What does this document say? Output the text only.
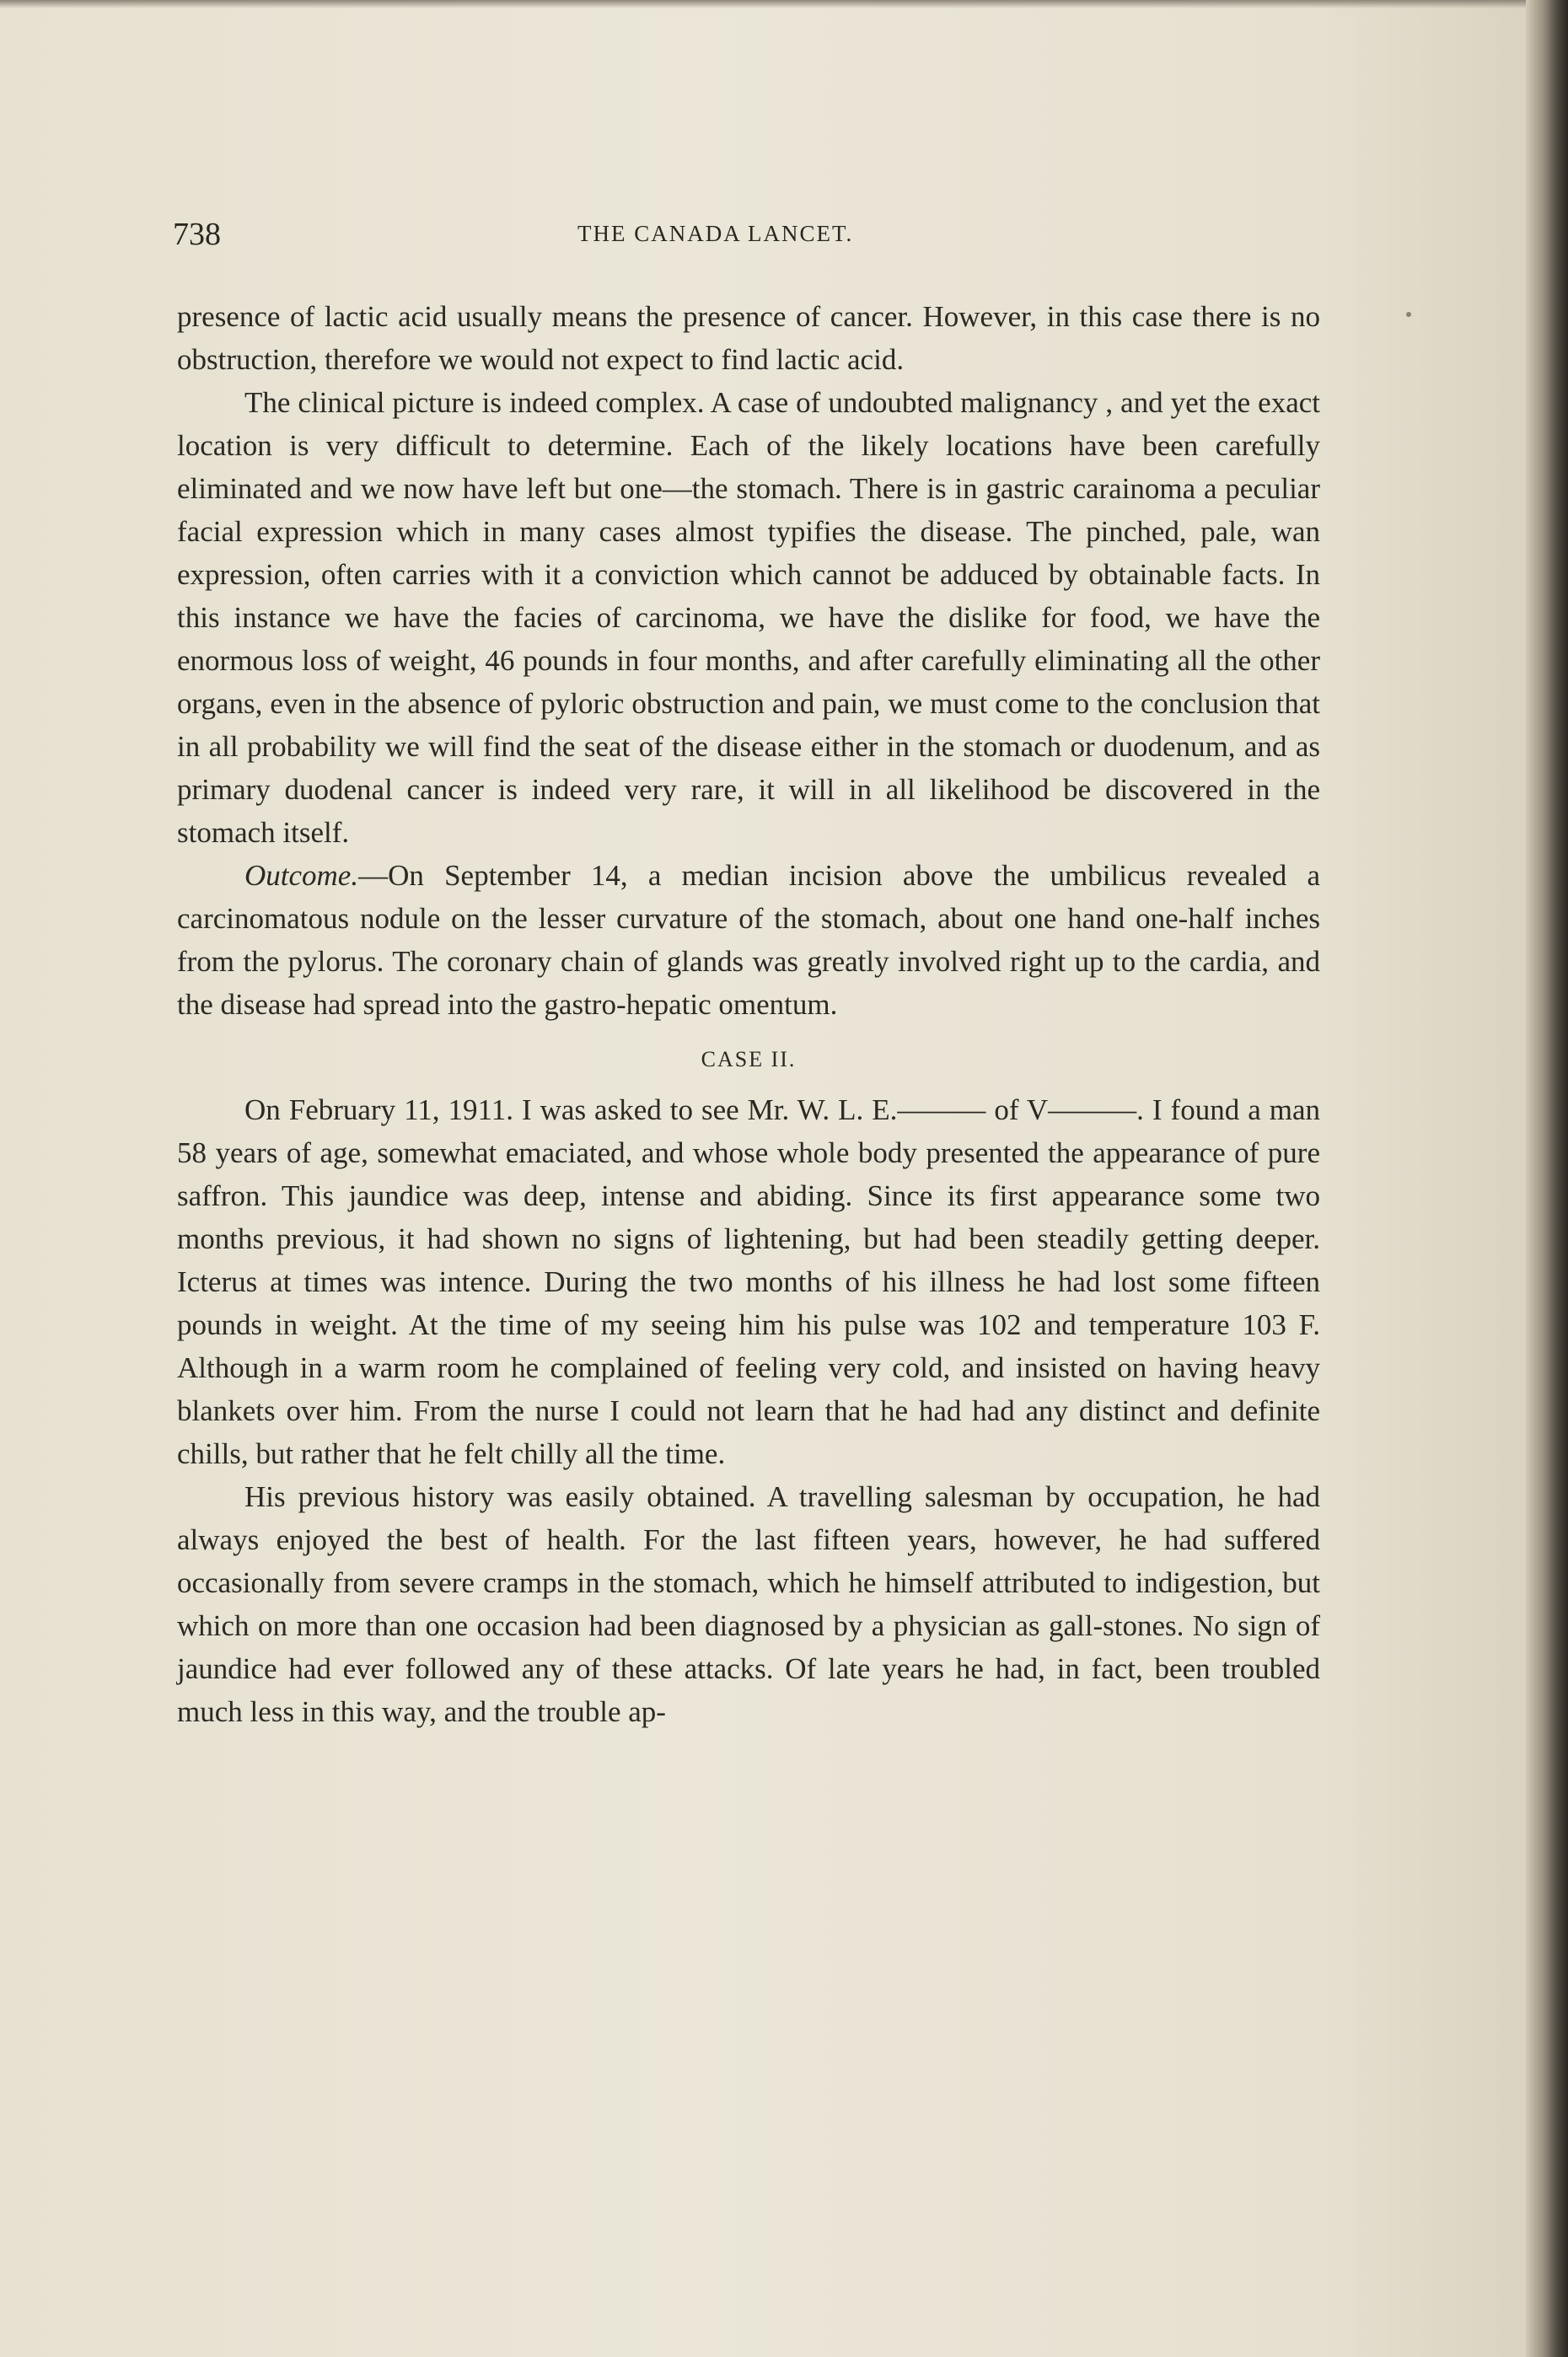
738	THE CANADA LANCET.

presence of lactic acid usually means the presence of cancer. However, in this case there is no obstruction, therefore we would not expect to find lactic acid.

The clinical picture is indeed complex. A case of undoubted malignancy , and yet the exact location is very difficult to determine. Each of the likely locations have been carefully eliminated and we now have left but one—the stomach. There is in gastric carainoma a peculiar facial expression which in many cases almost typifies the disease. The pinched, pale, wan expression, often carries with it a conviction which cannot be adduced by obtainable facts. In this instance we have the facies of carcinoma, we have the dislike for food, we have the enormous loss of weight, 46 pounds in four months, and after carefully eliminating all the other organs, even in the absence of pyloric obstruction and pain, we must come to the conclusion that in all probability we will find the seat of the disease either in the stomach or duodenum, and as primary duodenal cancer is indeed very rare, it will in all likelihood be discovered in the stomach itself.

Outcome.—On September 14, a median incision above the umbilicus revealed a carcinomatous nodule on the lesser curvature of the stomach, about one hand one-half inches from the pylorus. The coronary chain of glands was greatly involved right up to the cardia, and the disease had spread into the gastro-hepatic omentum.

CASE II.

On February 11, 1911. I was asked to see Mr. W. L. E.——— of V———. I found a man 58 years of age, somewhat emaciated, and whose whole body presented the appearance of pure saffron. This jaundice was deep, intense and abiding. Since its first appearance some two months previous, it had shown no signs of lightening, but had been steadily getting deeper. Icterus at times was intence. During the two months of his illness he had lost some fifteen pounds in weight. At the time of my seeing him his pulse was 102 and temperature 103 F. Although in a warm room he complained of feeling very cold, and insisted on having heavy blankets over him. From the nurse I could not learn that he had had any distinct and definite chills, but rather that he felt chilly all the time.

His previous history was easily obtained. A travelling salesman by occupation, he had always enjoyed the best of health. For the last fifteen years, however, he had suffered occasionally from severe cramps in the stomach, which he himself attributed to indigestion, but which on more than one occasion had been diagnosed by a physician as gall-stones. No sign of jaundice had ever followed any of these attacks. Of late years he had, in fact, been troubled much less in this way, and the trouble ap-
